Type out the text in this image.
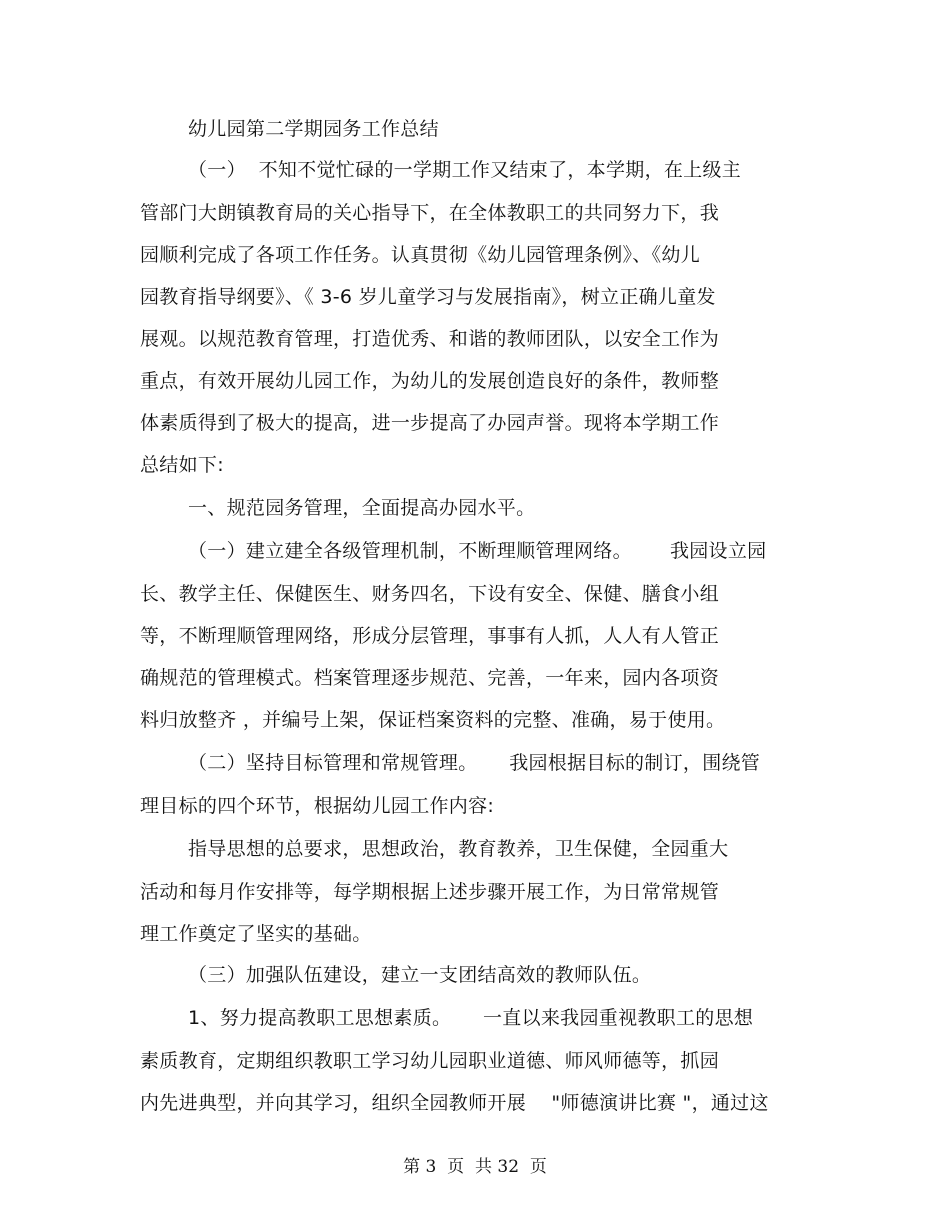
幼儿园第二学期园务工作总结
（一）  不知不觉忙碌的一学期工作又结束了，本学期，在上级主
管部门大朗镇教育局的关心指导下，在全体教职工的共同努力下，我
园顺利完成了各项工作任务。认真贯彻《幼儿园管理条例》、《幼儿
园教育指导纲要》、《 3-6 岁儿童学习与发展指南》，树立正确儿童发
展观。以规范教育管理，打造优秀、和谐的教师团队，以安全工作为
重点，有效开展幼儿园工作，为幼儿的发展创造良好的条件，教师整
体素质得到了极大的提高，进一步提高了办园声誉。现将本学期工作
总结如下:
一、规范园务管理，全面提高办园水平。
（一）建立建全各级管理机制，不断理顺管理网络。      我园设立园
长、教学主任、保健医生、财务四名，下设有安全、保健、膳食小组
等，不断理顺管理网络，形成分层管理，事事有人抓，人人有人管正
确规范的管理模式。档案管理逐步规范、完善，一年来，园内各项资
料归放整齐 ，并编号上架，保证档案资料的完整、准确，易于使用。
（二）坚持目标管理和常规管理。     我园根据目标的制订，围绕管
理目标的四个环节，根据幼儿园工作内容:
指导思想的总要求，思想政治，教育教养，卫生保健，全园重大
活动和每月作安排等，每学期根据上述步骤开展工作，为日常常规管
理工作奠定了坚实的基础。
（三）加强队伍建设，建立一支团结高效的教师队伍。
1、努力提高教职工思想素质。     一直以来我园重视教职工的思想
素质教育，定期组织教职工学习幼儿园职业道德、师风师德等，抓园
内先进典型，并向其学习，组织全园教师开展    "师德演讲比赛 "，通过这
第 3  页  共 32  页
